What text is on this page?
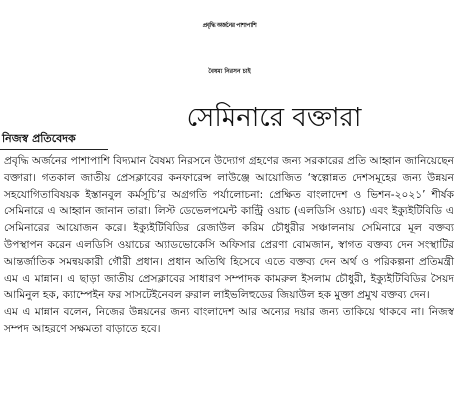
প্রবৃদ্ধি অর্জনের পাশাপাশি
বৈষম্য নিরসন চাই
সেমিনারে বক্তারা
নিজস্ব প্রতিবেদক

প্রবৃদ্ধি অর্জনের পাশাপাশি বিদ্যমান বৈষম্য নিরসনে উদ্যোগ গ্রহণের জন্য সরকারের প্রতি আহ্বান জানিয়েছেন বক্তারা। গতকাল জাতীয় প্রেসক্লাবের কনফারেন্স লাউঞ্জে আয়োজিত ‘স্বল্পোন্নত দেশসমূহের জন্য উন্নয়ন সহযোগিতাবিষয়ক ইস্তানবুল কর্মসূচি’র অগ্রগতি পর্যালোচনা: প্রেক্ষিত বাংলাদেশ ও ভিশন-২০২১’ শীর্ষক সেমিনারে এ আহ্বান জানান তারা। লিস্ট ডেভেলপমেন্ট কান্ট্রি ওয়াচ (এলডিসি ওয়াচ) এবং ইক্যুইটিবিডি এ সেমিনারের আয়োজন করে। ইক্যুইটিবিডির রেজাউল করিম চৌধুরীর সঞ্চালনায় সেমিনারে মূল বক্তব্য উপস্থাপন করেন এলডিসি ওয়াচের অ্যাডভোকেসি অফিসার প্রেরণা বোমজান, স্বাগত বক্তব্য দেন সংস্থাটির আন্তর্জাতিক সমন্বয়কারী গৌরী প্রধান। প্রধান অতিথি হিসেবে এতে বক্তব্য দেন অর্থ ও পরিকল্পনা প্রতিমন্ত্রী এম এ মান্নান। এ ছাড়া জাতীয় প্রেসক্লাবের সাধারণ সম্পাদক কামরুল ইসলাম চৌধুরী, ইক্যুইটিবিডির সৈয়দ আমিনুল হক, ক্যাম্পেইন ফর সাসটেইনেবল রুরাল লাইভলিহুডের জিয়াউল হক মুক্তা প্রমুখ বক্তব্য দেন।

এম এ মান্নান বলেন, নিজের উন্নয়নের জন্য বাংলাদেশ আর অন্যের দয়ার জন্য তাকিয়ে থাকবে না। নিজস্ব সম্পদ আহরণে সক্ষমতা বাড়াতে হবে।
